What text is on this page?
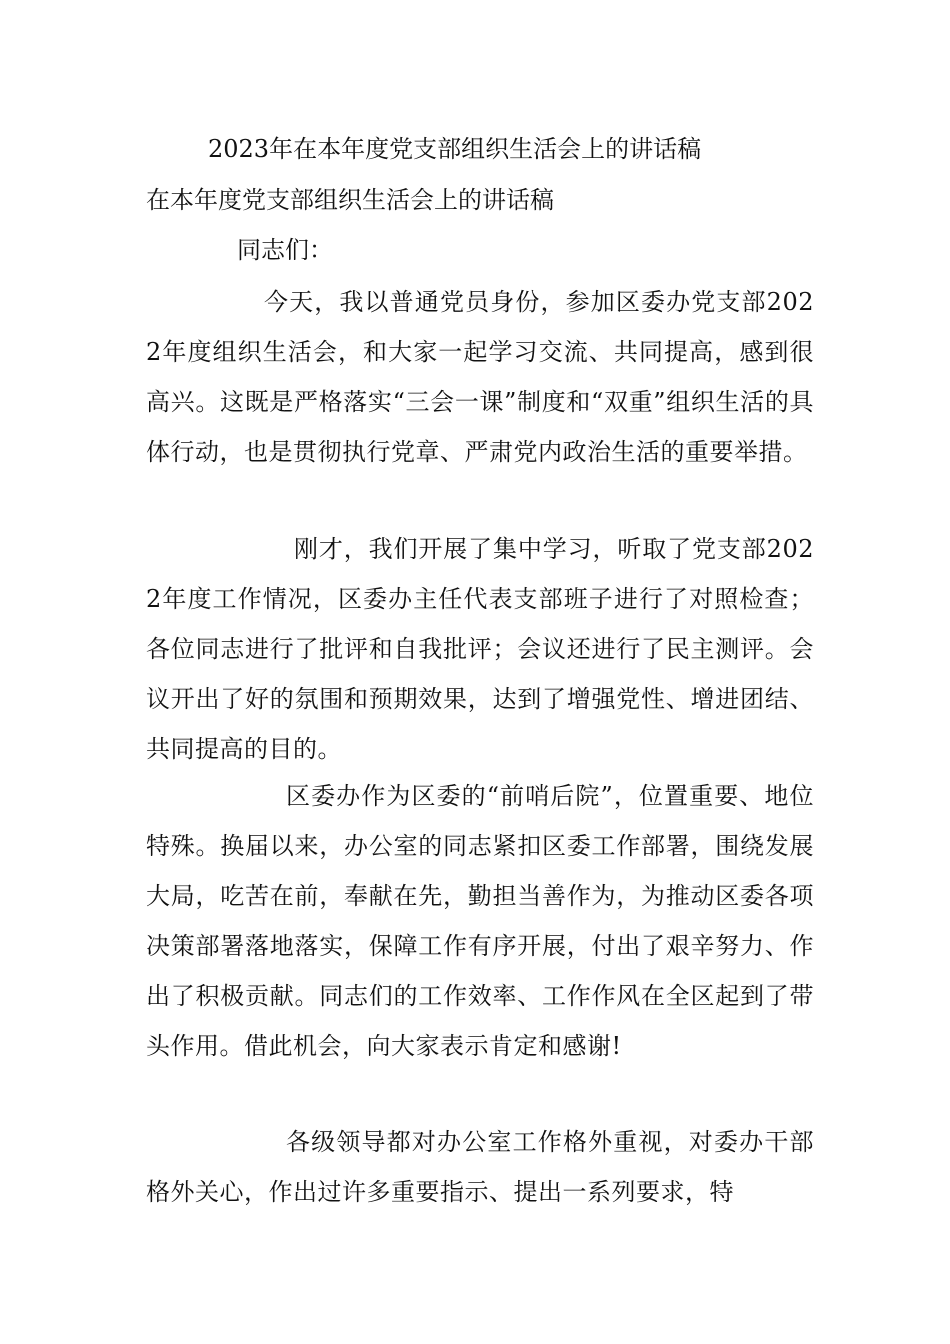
2023年在本年度党支部组织生活会上的讲话稿
在本年度党支部组织生活会上的讲话稿

同志们：

今天，我以普通党员身份，参加区委办党支部2022年度组织生活会，和大家一起学习交流、共同提高，感到很高兴。这既是严格落实“三会一课”制度和“双重”组织生活的具体行动，也是贯彻执行党章、严肃党内政治生活的重要举措。

刚才，我们开展了集中学习，听取了党支部2022年度工作情况，区委办主任代表支部班子进行了对照检查；各位同志进行了批评和自我批评；会议还进行了民主测评。会议开出了好的氛围和预期效果，达到了增强党性、增进团结、共同提高的目的。

区委办作为区委的“前哨后院”，位置重要、地位特殊。换届以来，办公室的同志紧扣区委工作部署，围绕发展大局，吃苦在前，奉献在先，勤担当善作为，为推动区委各项决策部署落地落实，保障工作有序开展，付出了艰辛努力、作出了积极贡献。同志们的工作效率、工作作风在全区起到了带头作用。借此机会，向大家表示肯定和感谢!

各级领导都对办公室工作格外重视，对委办干部格外关心，作出过许多重要指示、提出一系列要求，特
